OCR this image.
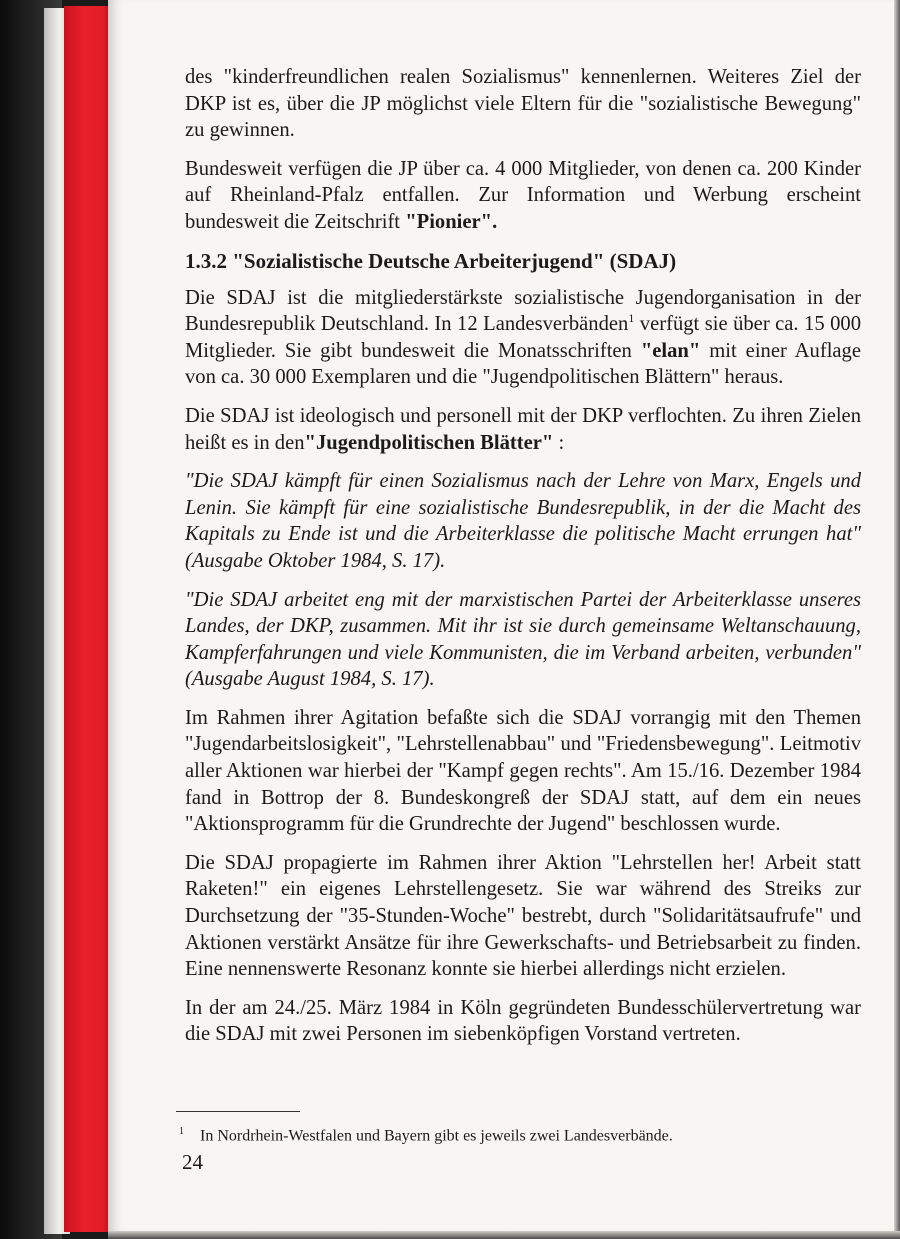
des "kinderfreundlichen realen Sozialismus" kennenlernen. Weiteres Ziel der DKP ist es, über die JP möglichst viele Eltern für die "sozialistische Bewegung" zu gewinnen.

Bundesweit verfügen die JP über ca. 4 000 Mitglieder, von denen ca. 200 Kinder auf Rheinland-Pfalz entfallen. Zur Information und Werbung erscheint bundesweit die Zeitschrift "Pionier".

1.3.2 "Sozialistische Deutsche Arbeiterjugend" (SDAJ)

Die SDAJ ist die mitgliederstärkste sozialistische Jugendorganisation in der Bundesrepublik Deutschland. In 12 Landesverbänden$^1$ verfügt sie über ca. 15 000 Mitglieder. Sie gibt bundesweit die Monatsschriften "elan" mit einer Auflage von ca. 30 000 Exemplaren und die "Jugendpolitischen Blättern" heraus.

Die SDAJ ist ideologisch und personell mit der DKP verflochten. Zu ihren Zielen heißt es in den"Jugendpolitischen Blätter" :

"Die SDAJ kämpft für einen Sozialismus nach der Lehre von Marx, Engels und Lenin. Sie kämpft für eine sozialistische Bundesrepublik, in der die Macht des Kapitals zu Ende ist und die Arbeiterklasse die politische Macht errungen hat" (Ausgabe Oktober 1984, S. 17).

"Die SDAJ arbeitet eng mit der marxistischen Partei der Arbeiterklasse unseres Landes, der DKP, zusammen. Mit ihr ist sie durch gemeinsame Weltanschauung, Kampferfahrungen und viele Kommunisten, die im Verband arbeiten, verbunden" (Ausgabe August 1984, S. 17).

Im Rahmen ihrer Agitation befaßte sich die SDAJ vorrangig mit den Themen "Jugendarbeitslosigkeit", "Lehrstellenabbau" und "Friedensbewegung". Leitmotiv aller Aktionen war hierbei der "Kampf gegen rechts". Am 15./16. Dezember 1984 fand in Bottrop der 8. Bundeskongreß der SDAJ statt, auf dem ein neues "Aktionsprogramm für die Grundrechte der Jugend" beschlossen wurde.

Die SDAJ propagierte im Rahmen ihrer Aktion "Lehrstellen her! Arbeit statt Raketen!" ein eigenes Lehrstellengesetz. Sie war während des Streiks zur Durchsetzung der "35-Stunden-Woche" bestrebt, durch "Solidaritätsaufrufe" und Aktionen verstärkt Ansätze für ihre Gewerkschafts- und Betriebsarbeit zu finden. Eine nennenswerte Resonanz konnte sie hierbei allerdings nicht erzielen.

In der am 24./25. März 1984 in Köln gegründeten Bundesschülervertretung war die SDAJ mit zwei Personen im siebenköpfigen Vorstand vertreten.

$^1$ In Nordrhein-Westfalen und Bayern gibt es jeweils zwei Landesverbände.
24
